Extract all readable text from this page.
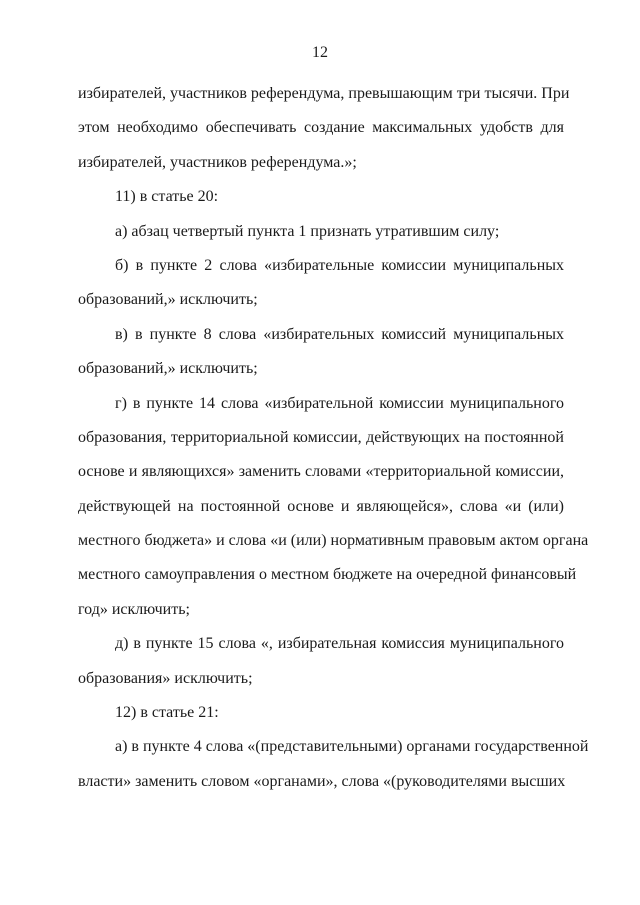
12
избирателей, участников референдума, превышающим три тысячи. При
этом необходимо обеспечивать создание максимальных удобств для
избирателей, участников референдума.»;
11) в статье 20:
а) абзац четвертый пункта 1 признать утратившим силу;
б) в пункте 2 слова «избирательные комиссии муниципальных
образований,» исключить;
в) в пункте 8 слова «избирательных комиссий муниципальных
образований,» исключить;
г) в пункте 14 слова «избирательной комиссии муниципального
образования, территориальной комиссии, действующих на постоянной
основе и являющихся» заменить словами «территориальной комиссии,
действующей на постоянной основе и являющейся», слова «и (или)
местного бюджета» и слова «и (или) нормативным правовым актом органа
местного самоуправления о местном бюджете на очередной финансовый
год» исключить;
д) в пункте 15 слова «, избирательная комиссия муниципального
образования» исключить;
12) в статье 21:
а) в пункте 4 слова «(представительными) органами государственной
власти» заменить словом «органами», слова «(руководителями высших
